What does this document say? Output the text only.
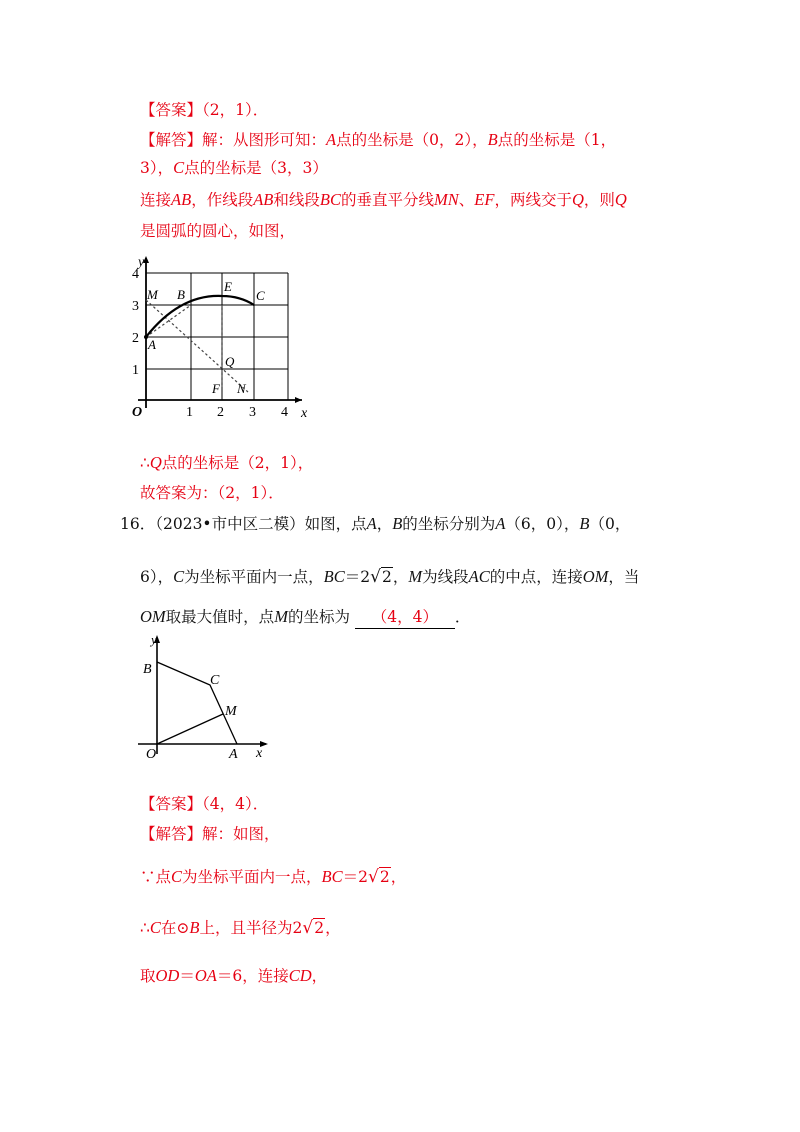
【答案】（2，1）．
【解答】解：从图形可知：A点的坐标是（0，2），B点的坐标是（1，
3），C点的坐标是（3，3）
连接AB，作线段AB和线段BC的垂直平分线MN、EF，两线交于Q，则Q
是圆弧的圆心，如图，
y
x
O	1 2 3 4
1
2
3
4
M B
E
C
A
Q
F N
∴Q点的坐标是（2，1），
故答案为：（2，1）．
16．（2023•市中区二模）如图，点A，B的坐标分别为A（6，0），B（0，
6），C为坐标平面内一点，BC＝2√2，M为线段AC的中点，连接OM，当
OM取最大值时，点M的坐标为 （4，4） ．
y
x
B
C
M
O	A
【答案】（4，4）．
【解答】解：如图，
∵点C为坐标平面内一点，BC＝2√2，
∴C在⊙B上，且半径为2√2，
取OD＝OA＝6，连接CD，
